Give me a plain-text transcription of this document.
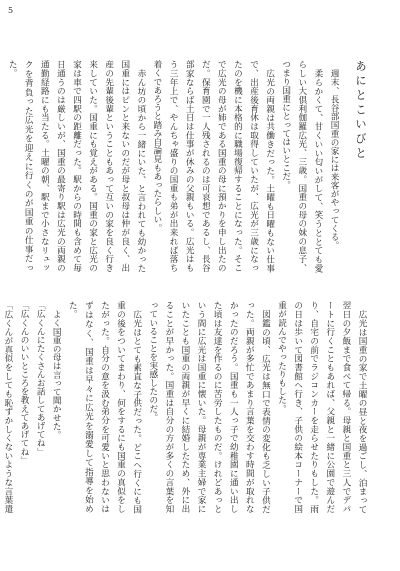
5
あにとこいびと

週末、長谷部国重の家には来客がやってくる。

柔らかくて、甘くいい匂いがして、笑うととても愛らしい大倶利伽羅広光、三歳。国重の母の妹の息子、つまり国重にとってはいとこだ。

広光の両親は共働きだった。土曜も日曜もない仕事で、出産後育休は取得していたが、広光が三歳になったのを機に本格的に職場復帰することになった。そこで広光の母が姉である国重の母に預かりを申し出たのだ。保育園で一人残されるのは可哀想であるし、長谷部家ならば土日は仕事が休みの父親もいる。広光はもう三年上で、やんちゃ盛りの国重も弟が出来れば落ち着くであろうと踏み自論見もあったらしい。

赤ん坊の頃から一緒にいた、と言われても幼かった国重にはピンと来ないのだが母と叔母は仲が良く、出産の先輩後輩ということもあって互いの家を良く行き来していた。国重にも覚えがある。国重の家と広光の家は車で四駅の距離だった。駅からの時間も含めて毎日通うのは厳しいが、国重の最寄り駅は広光の両親の通勤経路にも当たる。土曜の朝、駅まで小さなリュックを背負った広光を迎えに行くのが国重の仕事だった。

広光は国重の家で土曜の昼と夜を過ごし、泊まって翌日の夕飯まで食べて帰る。母親と国重と三人でデパートに行くこともあれば、父親と一緒に公園で遊んだり、自宅の前でラジコンカーを走らせたりもした。雨の日は歩いて図書館へ行き、子供の絵本コーナーで国重が読んでやったりもした。

図鑑の頃、広光は無口で表情の変化も乏しい子供だった。両親が多忙であまり言葉を交わす時間が取れなかったのだろう。国重も一人っ子で幼稚園に通い出した頃は友達を作るのに苦労したものだ。けれどあっという間に広光は国重に懐いた。母親が専業主婦で家にいたことも国重の両親が早くに結婚したため、外に出ることが早かった。国重は自分の方が多くの言葉を知っていることを実感したのだ。

広光はとても素直な子供だった。どこへ行くにも国重の後をついてまわり、何をするにも国重の真似をしたがった。自分の意を汲む弟分を可愛いと思わないはずはなく、国重は早々に広光を溺愛して指導を始めた。

よく国重の母は言って聞かせた。

「広くんにたくさんお話してあげてね」

「広くんのいいところを教えてあげてね」

「広くんが真似をしても恥ずかしくないような言葉遣
